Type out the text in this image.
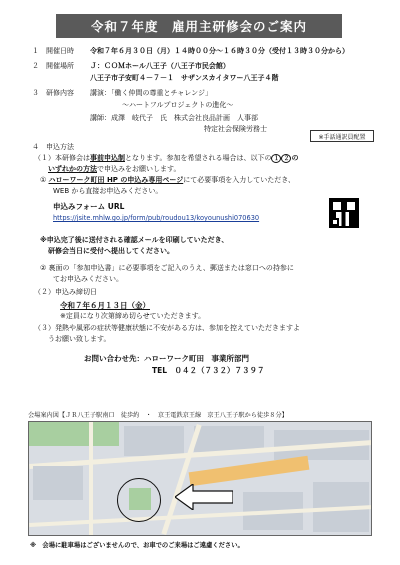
令和７年度　雇用主研修会のご案内
１ 開催日時 令和７年６月３０日（月）１４時００分〜１６時３０分（受付１３時３０分から）
２ 開催場所 Ｊ：ＣＯＭホール八王子（八王子市民会館）
八王子市子安町４－７－１　サザンスカイタワー八王子４階
３ 研修内容 講演：「働く仲間の尊重とチャレンジ」
〜ハートフルプロジェクトの進化〜
講師：成澤　岐代子　氏　株式会社良品計画　人事部
特定社会保険労務士
※手話通訳員配置
４ 申込方法
（１）本研修会は事前申込制となります。参加を希望される場合は、以下の １ ２ の
いずれかの方法で申込みをお願いします。
① ハローワーク町田 HP の申込み専用ページにて必要事項を入力していただき、
WEB から直接お申込みください。
申込みフォーム URL
https://jsite.mhlw.go.jp/form/pub/roudou13/koyounushi070630
※申込完了後に送付される確認メールを印刷していただき、
研修会当日に受付へ提出してください。
② 裏面の「参加申込書」に必要事項をご記入のうえ、郵送または窓口への持参に
てお申込みください。
（２）申込み締切日
令和７年６月１３日（金）
※定員になり次第締め切らせていただきます。
（３）発熱や風邪の症状等健康状態に不安がある方は、参加を控えていただきますよ
うお願い致します。
お問い合わせ先：ハローワーク町田　事業所部門
TEL　０４２（７３２）７３９７
会場案内図【ＪＲ八王子駅南口　徒歩約　・　京王電鉄京王線　京王八王子駅から徒歩８分】
※　会場に駐車場はございませんので、お車でのご来場はご遠慮ください。
